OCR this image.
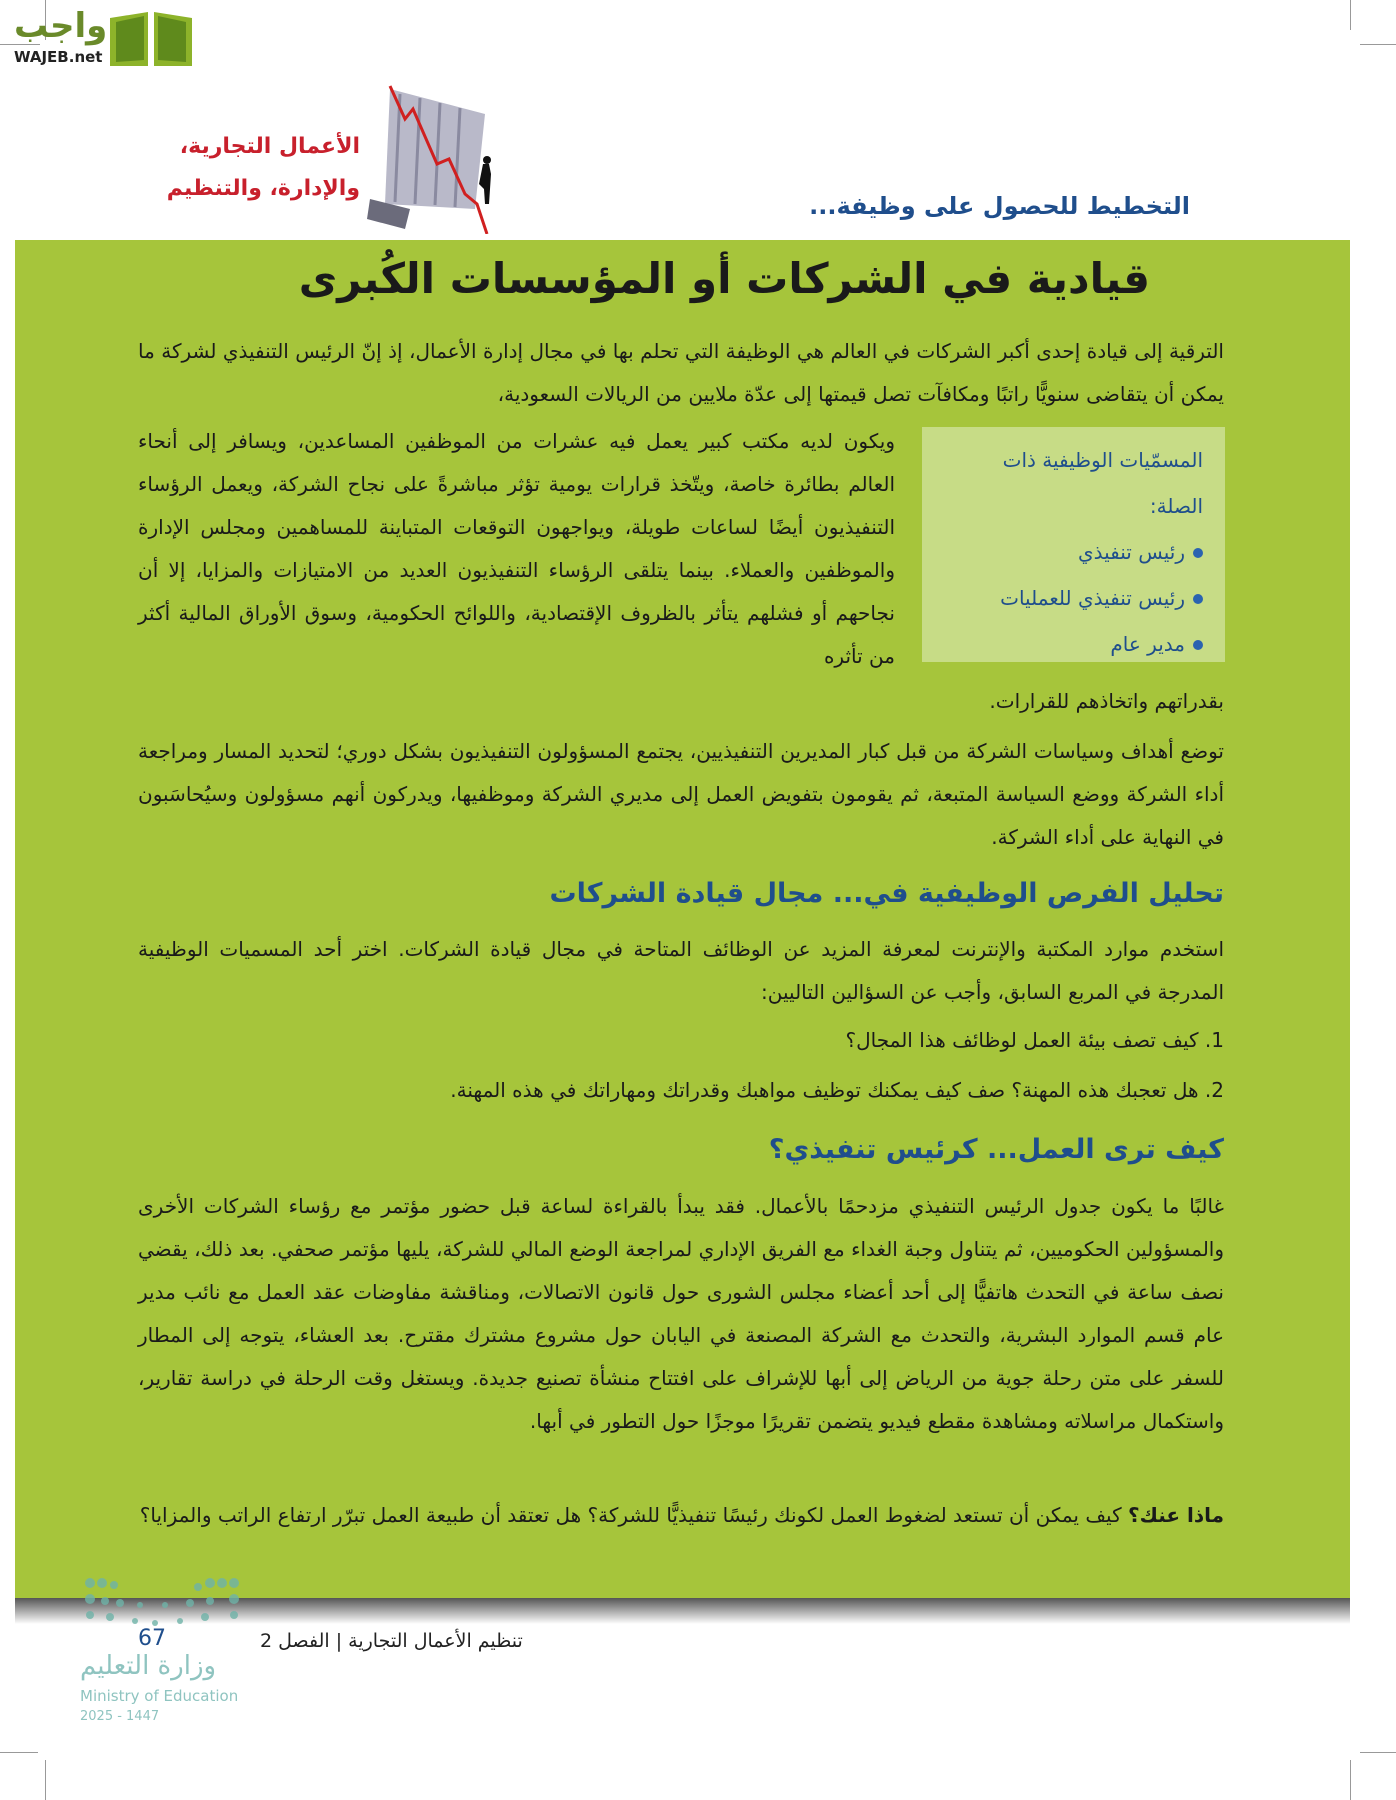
واجب
WAJEB.net
الأعمال التجارية،
والإدارة، والتنظيم
التخطيط للحصول على وظيفة...
قيادية في الشركات أو المؤسسات الكُبرى
الترقية إلى قيادة إحدى أكبر الشركات في العالم هي الوظيفة التي تحلم بها في مجال إدارة الأعمال، إذ إنّ الرئيس التنفيذي لشركة ما يمكن أن يتقاضى سنويًّا راتبًا ومكافآت تصل قيمتها إلى عدّة ملايين من الريالات السعودية،
ويكون لديه مكتب كبير يعمل فيه عشرات من الموظفين المساعدين، ويسافر إلى أنحاء العالم بطائرة خاصة، ويتّخذ قرارات يومية تؤثر مباشرةً على نجاح الشركة، ويعمل الرؤساء التنفيذيون أيضًا لساعات طويلة، ويواجهون التوقعات المتباينة للمساهمين ومجلس الإدارة والموظفين والعملاء. بينما يتلقى الرؤساء التنفيذيون العديد من الامتيازات والمزايا، إلا أن نجاحهم أو فشلهم يتأثر بالظروف الإقتصادية، واللوائح الحكومية، وسوق الأوراق المالية أكثر من تأثره
بقدراتهم واتخاذهم للقرارات.
المسمّيات الوظيفية ذات الصلة:
رئيس تنفيذي
رئيس تنفيذي للعمليات
مدير عام
توضع أهداف وسياسات الشركة من قبل كبار المديرين التنفيذيين، يجتمع المسؤولون التنفيذيون بشكل دوري؛ لتحديد المسار ومراجعة أداء الشركة ووضع السياسة المتبعة، ثم يقومون بتفويض العمل إلى مديري الشركة وموظفيها، ويدركون أنهم مسؤولون وسيُحاسَبون في النهاية على أداء الشركة.
تحليل الفرص الوظيفية في... مجال قيادة الشركات
استخدم موارد المكتبة والإنترنت لمعرفة المزيد عن الوظائف المتاحة في مجال قيادة الشركات. اختر أحد المسميات الوظيفية المدرجة في المربع السابق، وأجب عن السؤالين التاليين:
1. كيف تصف بيئة العمل لوظائف هذا المجال؟
2. هل تعجبك هذه المهنة؟ صف كيف يمكنك توظيف مواهبك وقدراتك ومهاراتك في هذه المهنة.
كيف ترى العمل... كرئيس تنفيذي؟
غالبًا ما يكون جدول الرئيس التنفيذي مزدحمًا بالأعمال. فقد يبدأ بالقراءة لساعة قبل حضور مؤتمر مع رؤساء الشركات الأخرى والمسؤولين الحكوميين، ثم يتناول وجبة الغداء مع الفريق الإداري لمراجعة الوضع المالي للشركة، يليها مؤتمر صحفي. بعد ذلك، يقضي نصف ساعة في التحدث هاتفيًّا إلى أحد أعضاء مجلس الشورى حول قانون الاتصالات، ومناقشة مفاوضات عقد العمل مع نائب مدير عام قسم الموارد البشرية، والتحدث مع الشركة المصنعة في اليابان حول مشروع مشترك مقترح. بعد العشاء، يتوجه إلى المطار للسفر على متن رحلة جوية من الرياض إلى أبها للإشراف على افتتاح منشأة تصنيع جديدة. ويستغل وقت الرحلة في دراسة تقارير، واستكمال مراسلاته ومشاهدة مقطع فيديو يتضمن تقريرًا موجزًا حول التطور في أبها.
ماذا عنك؟ كيف يمكن أن تستعد لضغوط العمل لكونك رئيسًا تنفيذيًّا للشركة؟ هل تعتقد أن طبيعة العمل تبرّر ارتفاع الراتب والمزايا؟
وزارة التعليم
Ministry of Education
2025 - 1447
تنظيم الأعمال التجارية | الفصل 2
67
